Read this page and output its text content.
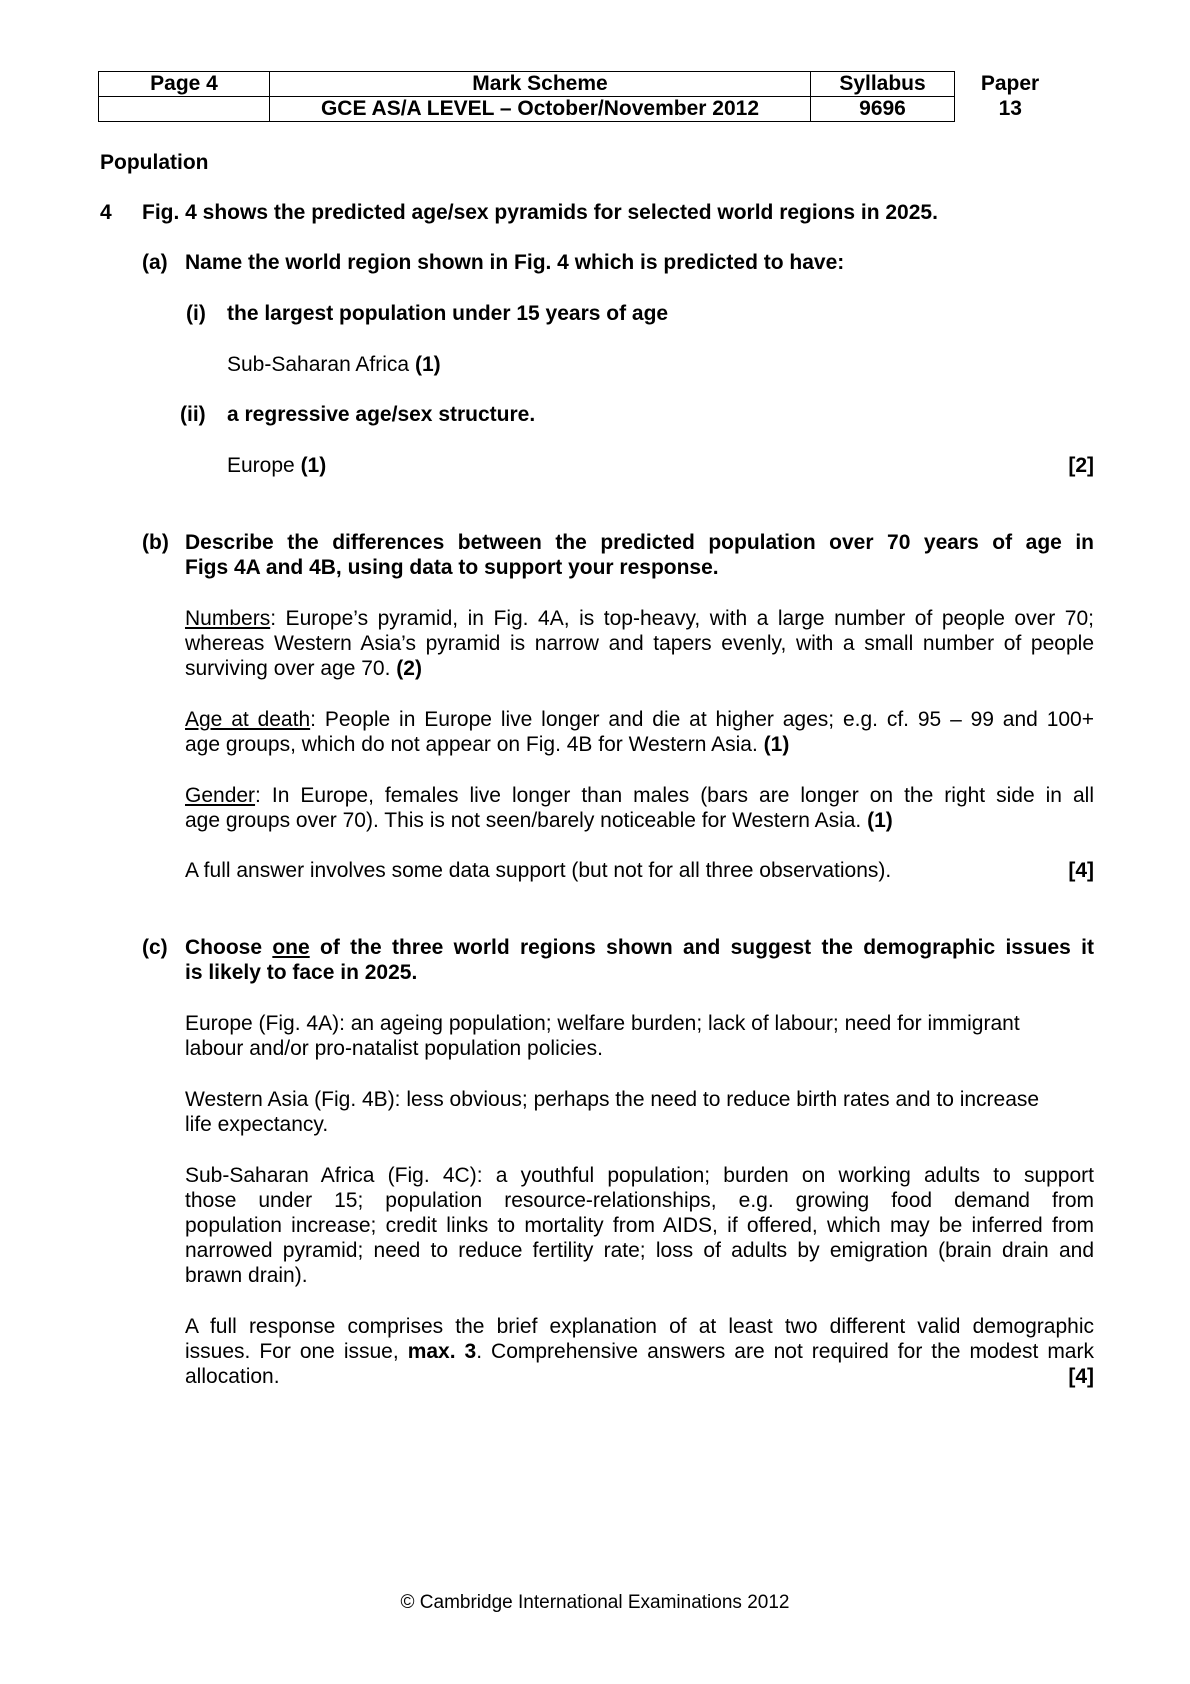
Page 4	Mark Scheme	Syllabus	Paper
	GCE AS/A LEVEL – October/November 2012	9696	13
Population
4 Fig. 4 shows the predicted age/sex pyramids for selected world regions in 2025.
(a) Name the world region shown in Fig. 4 which is predicted to have:
(i) the largest population under 15 years of age
Sub-Saharan Africa (1)
(ii) a regressive age/sex structure.
Europe (1)	[2]
(b) Describe the differences between the predicted population over 70 years of age in
Figs 4A and 4B, using data to support your response.
Numbers: Europe’s pyramid, in Fig. 4A, is top-heavy, with a large number of people over 70;
whereas Western Asia’s pyramid is narrow and tapers evenly, with a small number of people
surviving over age 70. (2)
Age at death: People in Europe live longer and die at higher ages; e.g. cf. 95 – 99 and 100+
age groups, which do not appear on Fig. 4B for Western Asia. (1)
Gender: In Europe, females live longer than males (bars are longer on the right side in all
age groups over 70). This is not seen/barely noticeable for Western Asia. (1)
A full answer involves some data support (but not for all three observations).	[4]
(c) Choose one of the three world regions shown and suggest the demographic issues it
is likely to face in 2025.
Europe (Fig. 4A): an ageing population; welfare burden; lack of labour; need for immigrant
labour and/or pro-natalist population policies.
Western Asia (Fig. 4B): less obvious; perhaps the need to reduce birth rates and to increase
life expectancy.
Sub-Saharan Africa (Fig. 4C): a youthful population; burden on working adults to support
those under 15; population resource-relationships, e.g. growing food demand from
population increase; credit links to mortality from AIDS, if offered, which may be inferred from
narrowed pyramid; need to reduce fertility rate; loss of adults by emigration (brain drain and
brawn drain).
A full response comprises the brief explanation of at least two different valid demographic
issues. For one issue, max. 3. Comprehensive answers are not required for the modest mark
allocation.	[4]
© Cambridge International Examinations 2012
